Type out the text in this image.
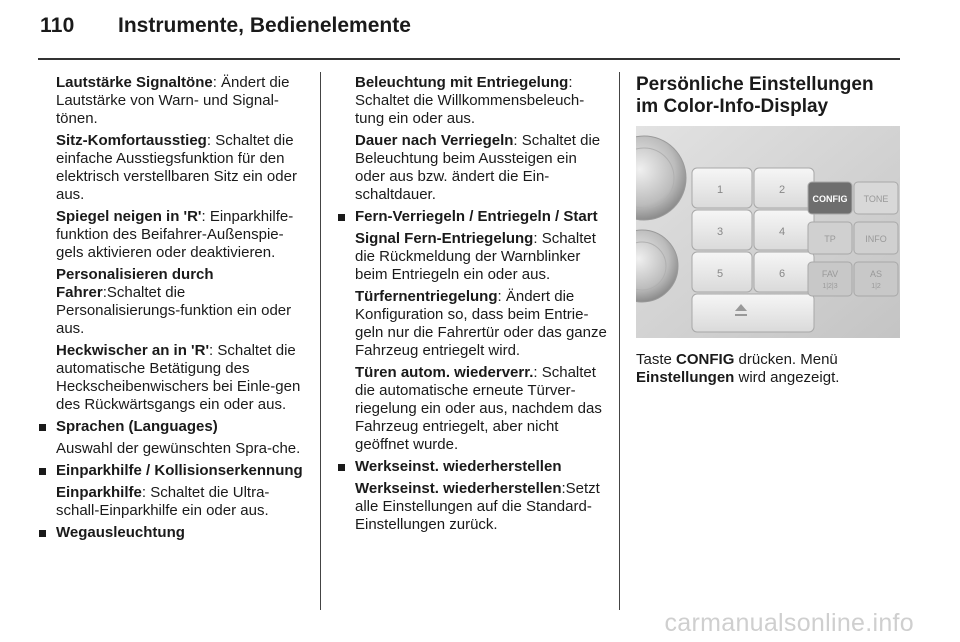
110 Instrumente, Bedienelemente

Lautstärke Signaltöne: Ändert die Lautstärke von Warn- und Signal-tönen.

Sitz-Komfortausstieg: Schaltet die einfache Ausstiegsfunktion für den elektrisch verstellbaren Sitz ein oder aus.

Spiegel neigen in 'R': Einparkhilfe-funktion des Beifahrer-Außenspie-gels aktivieren oder deaktivieren.

Personalisieren durch Fahrer:Schaltet die Personalisierungs-funktion ein oder aus.

Heckwischer an in 'R': Schaltet die automatische Betätigung des Heckscheibenwischers bei Einle-gen des Rückwärtsgangs ein oder aus.

Sprachen (Languages)

Auswahl der gewünschten Spra-che.

Einparkhilfe / Kollisionserkennung

Einparkhilfe: Schaltet die Ultra-schall-Einparkhilfe ein oder aus.

Wegausleuchtung

Beleuchtung mit Entriegelung: Schaltet die Willkommensbeleuch-tung ein oder aus.

Dauer nach Verriegeln: Schaltet die Beleuchtung beim Aussteigen ein oder aus bzw. ändert die Ein-schaltdauer.

Fern-Verriegeln / Entriegeln / Start

Signal Fern-Entriegelung: Schaltet die Rückmeldung der Warnblinker beim Entriegeln ein oder aus.

Türfernentriegelung: Ändert die Konfiguration so, dass beim Entrie-geln nur die Fahrertür oder das ganze Fahrzeug entriegelt wird.

Türen autom. wiederverr.: Schaltet die automatische erneute Türver-riegelung ein oder aus, nachdem das Fahrzeug entriegelt, aber nicht geöffnet wurde.

Werkseinst. wiederherstellen

Werkseinst. wiederherstellen:Setzt alle Einstellungen auf die Standard-Einstellungen zurück.

Persönliche Einstellungen im Color-Info-Display
1	2
3	4
5	6
CONFIG TONE
TP	INFO
FAV
1|2|3
AS
1|2

Taste CONFIG drücken. Menü Einstellungen wird angezeigt.

carmanualsonline.info
